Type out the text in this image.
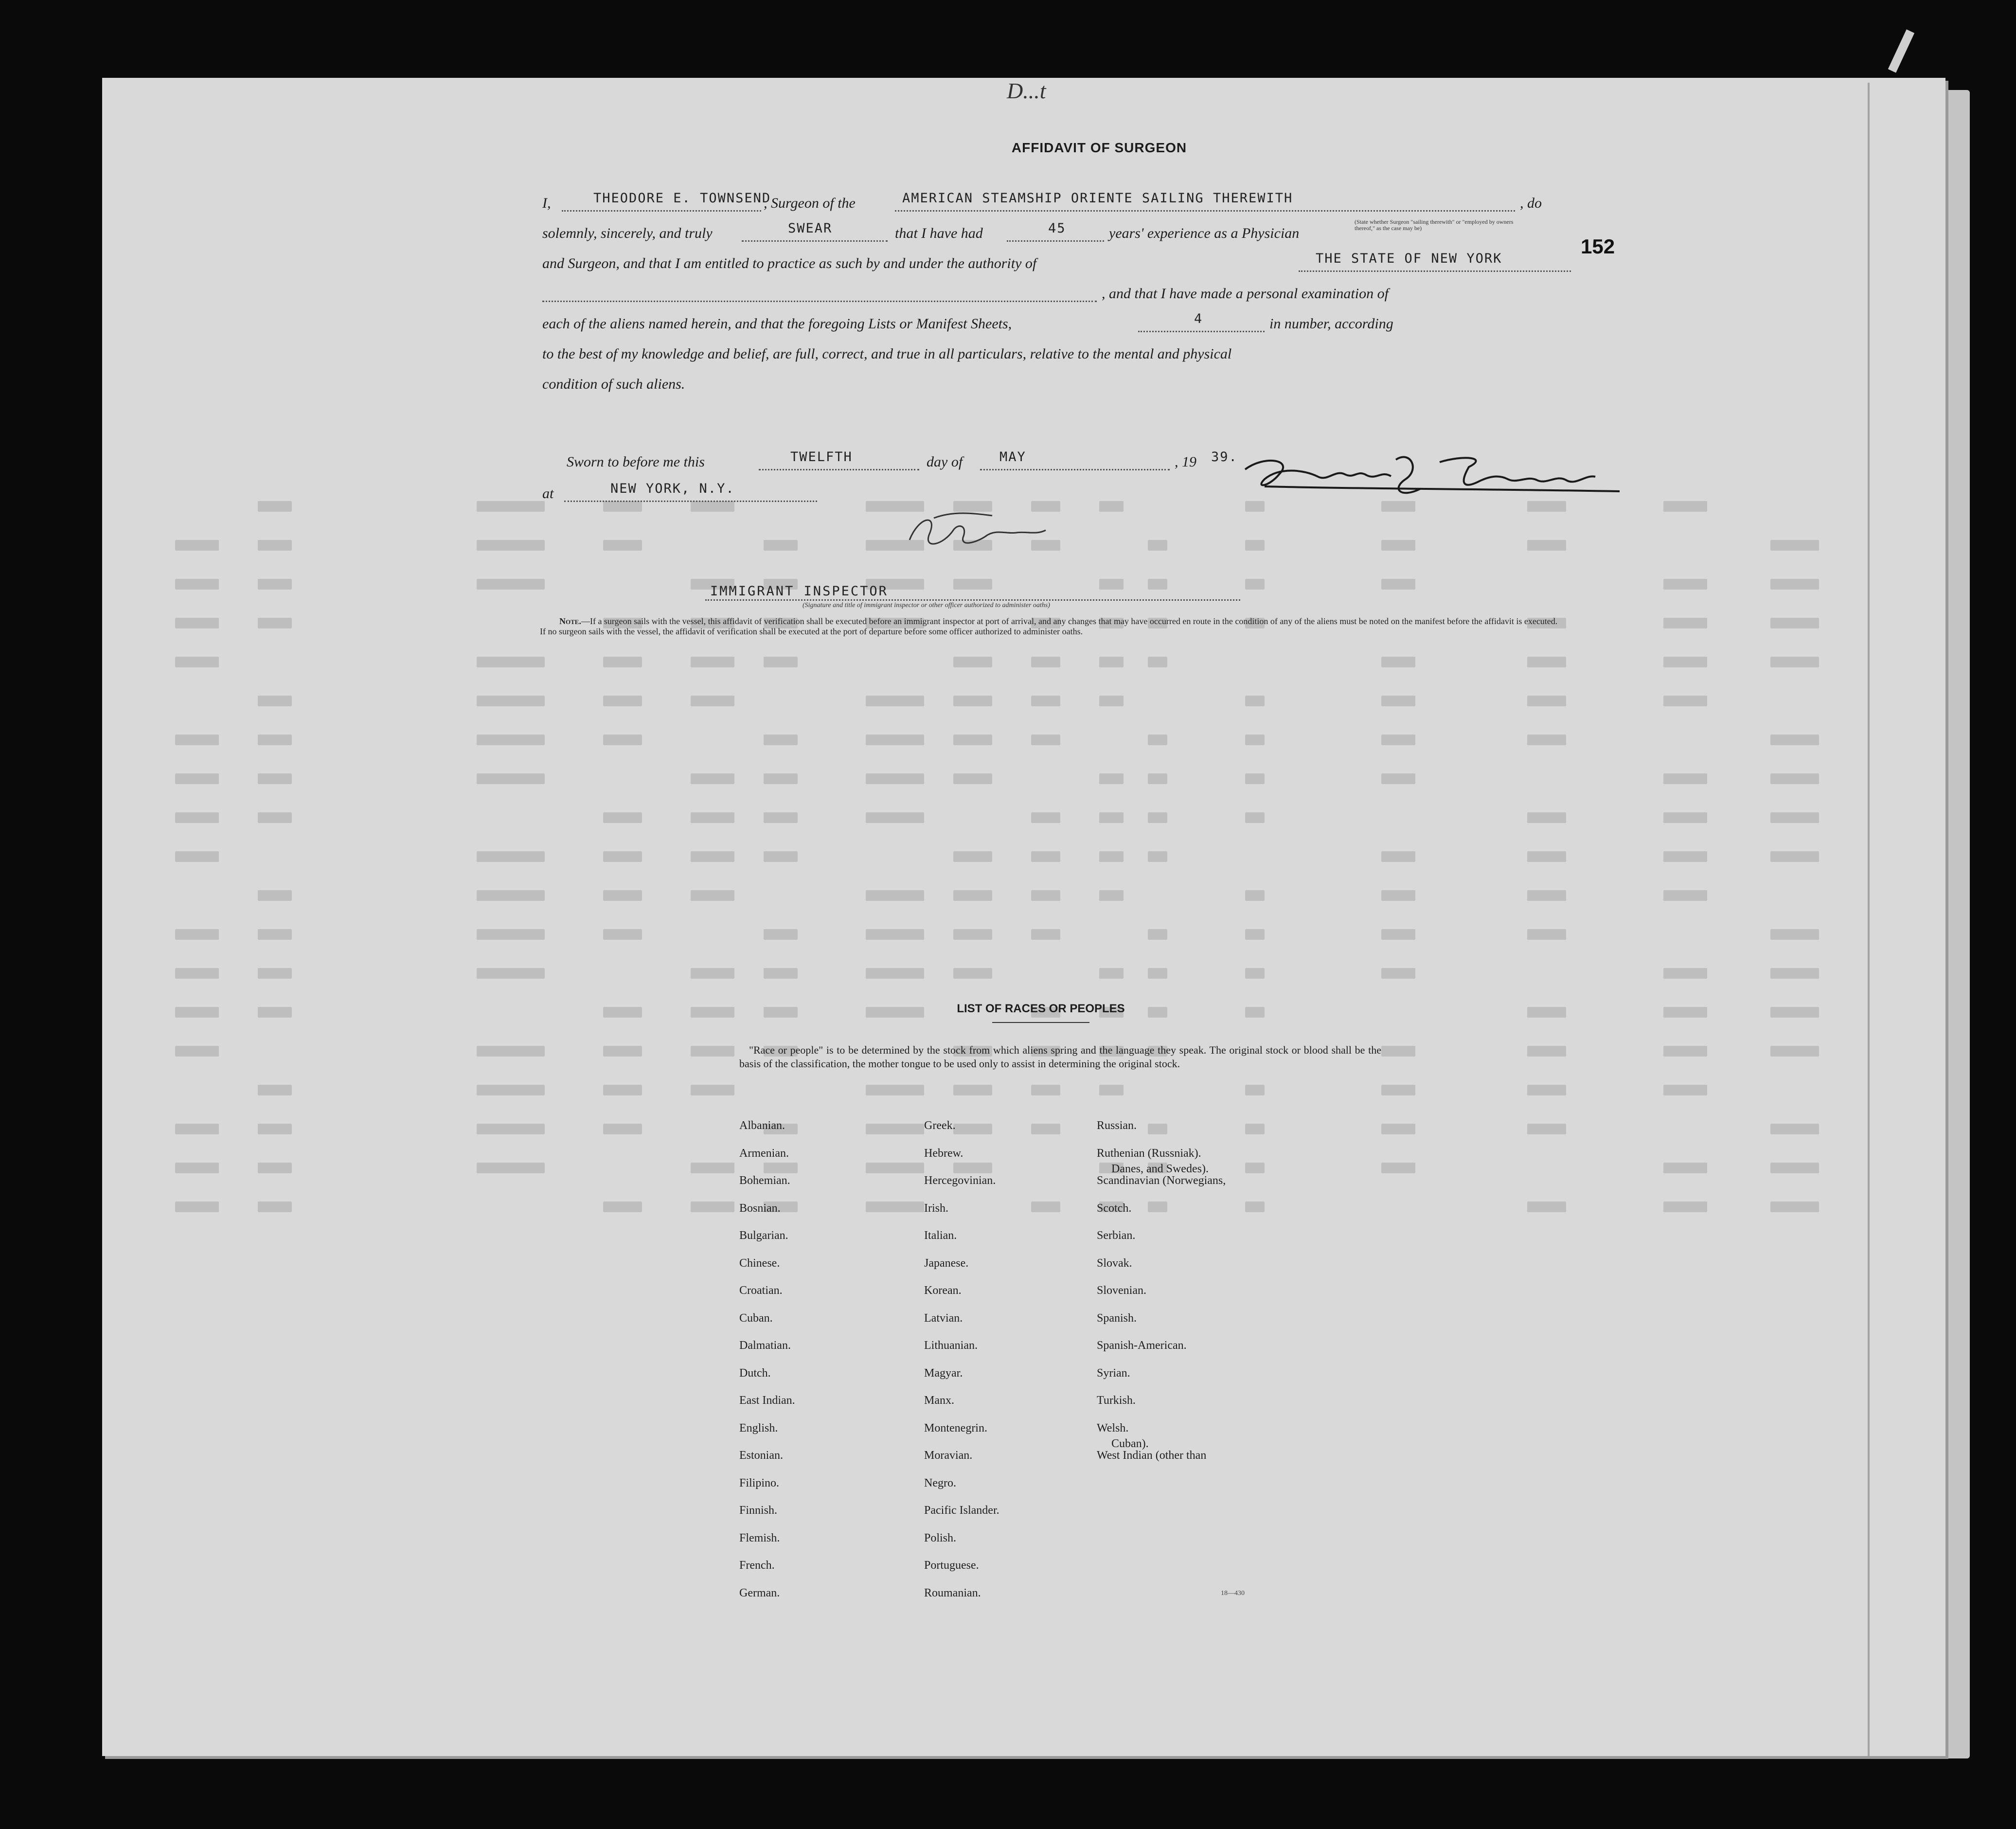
D...t
AFFIDAVIT OF SURGEON
152
I,	THEODORE E. TOWNSEND
, Surgeon of the	AMERICAN STEAMSHIP ORIENTE SAILING THEREWITH	, do
(State whether Surgeon "sailing therewith" or "employed by owners thereof," as the case may be)
solemnly, sincerely, and truly	SWEAR	that I have had	45	years' experience as a Physician
and Surgeon, and that I am entitled to practice as such by and under the authority of	THE STATE OF NEW YORK
, and that I have made a personal examination of
each of the aliens named herein, and that the foregoing Lists or Manifest Sheets,	4	in number, according
to the best of my knowledge and belief, are full, correct, and true in all particulars, relative to the mental and physical
condition of such aliens.
Sworn to before me this	TWELFTH	day of	MAY	, 19 39.
at	NEW YORK, N.Y.
IMMIGRANT INSPECTOR
(Signature and title of immigrant inspector or other officer authorized to administer oaths)
Note.—If a surgeon sails with the vessel, this affidavit of verification shall be executed before an immigrant inspector at port of arrival, and any changes that may have occurred en route in the condition of any of the aliens must be noted on the manifest before the affidavit is executed.
If no surgeon sails with the vessel, the affidavit of verification shall be executed at the port of departure before some officer authorized to administer oaths.
LIST OF RACES OR PEOPLES
"Race or people" is to be determined by the stock from which aliens spring and the language they speak. The original stock or blood shall be the basis of the classification, the mother tongue to be used only to assist in determining the original stock.
Albanian.
Armenian.
Bohemian.
Bosnian.
Bulgarian.
Chinese.
Croatian.
Cuban.
Dalmatian.
Dutch.
East Indian.
English.
Estonian.
Filipino.
Finnish.
Flemish.
French.
German.
Greek.
Hebrew.
Hercegovinian.
Irish.
Italian.
Japanese.
Korean.
Latvian.
Lithuanian.
Magyar.
Manx.
Montenegrin.
Moravian.
Negro.
Pacific Islander.
Polish.
Portuguese.
Roumanian.
Russian.
Ruthenian (Russniak).
Scandinavian (Norwegians,
Danes, and Swedes).
Scotch.
Serbian.
Slovak.
Slovenian.
Spanish.
Spanish-American.
Syrian.
Turkish.
Welsh.
West Indian (other than
Cuban).
18—430
